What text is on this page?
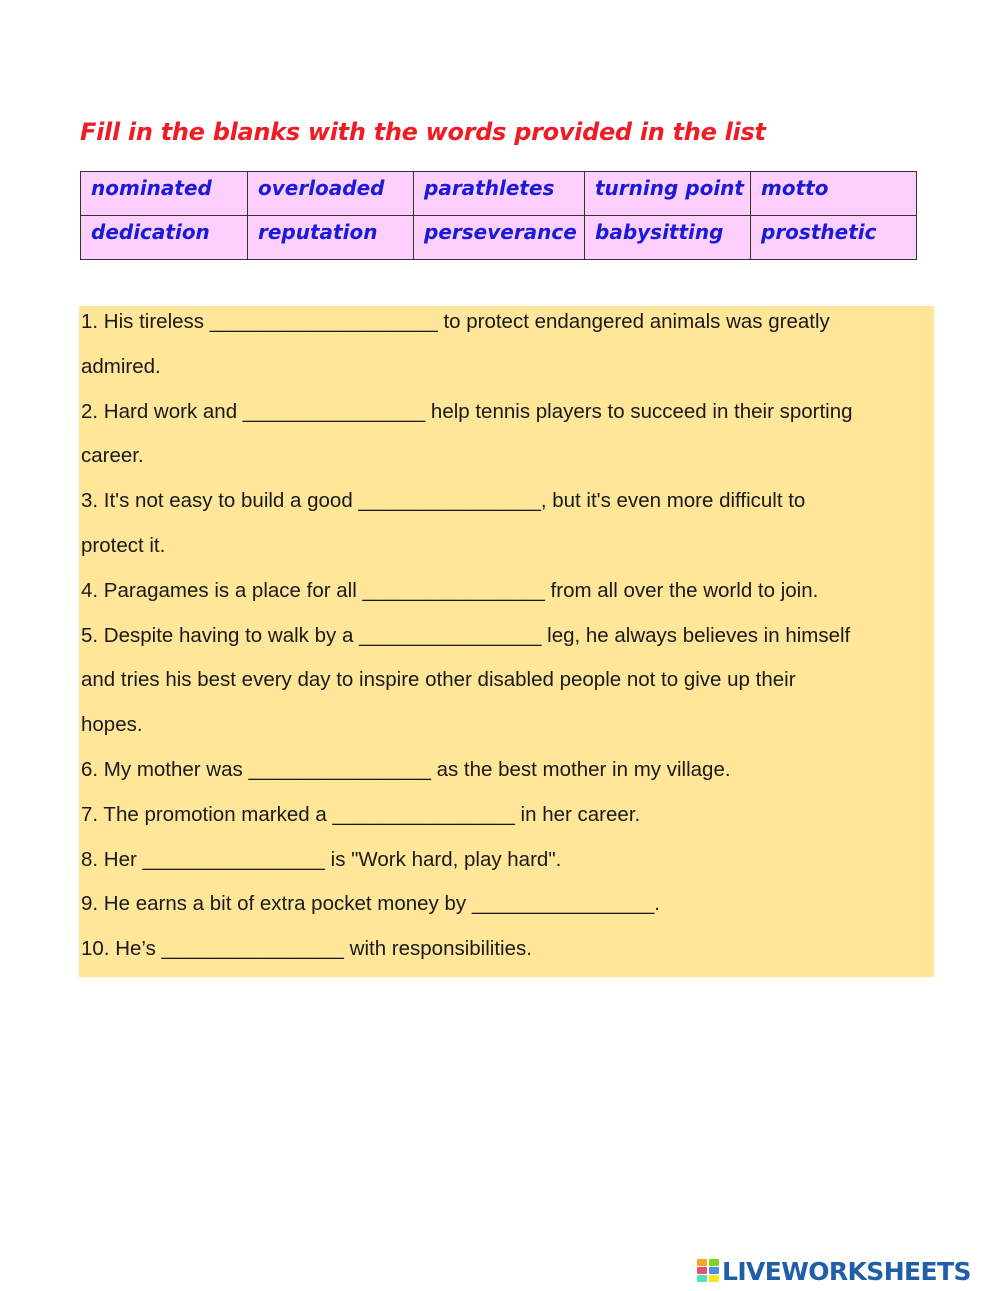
Fill in the blanks with the words provided in the list
nominated	overloaded	parathletes	turning point	motto

dedication	reputation	perseverance	babysitting	prosthetic
1. His tireless ____________________ to protect endangered animals was greatly
admired.
2. Hard work and ________________ help tennis players to succeed in their sporting
career.
3. It's not easy to build a good ________________, but it's even more difficult to
protect it.
4. Paragames is a place for all ________________ from all over the world to join.
5. Despite having to walk by a ________________ leg, he always believes in himself
and tries his best every day to inspire other disabled people not to give up their
hopes.
6. My mother was ________________ as the best mother in my village.
7. The promotion marked a ________________ in her career.
8. Her ________________ is "Work hard, play hard".
9. He earns a bit of extra pocket money by ________________.
10. He’s ________________ with responsibilities.
LIVEWORKSHEETS
